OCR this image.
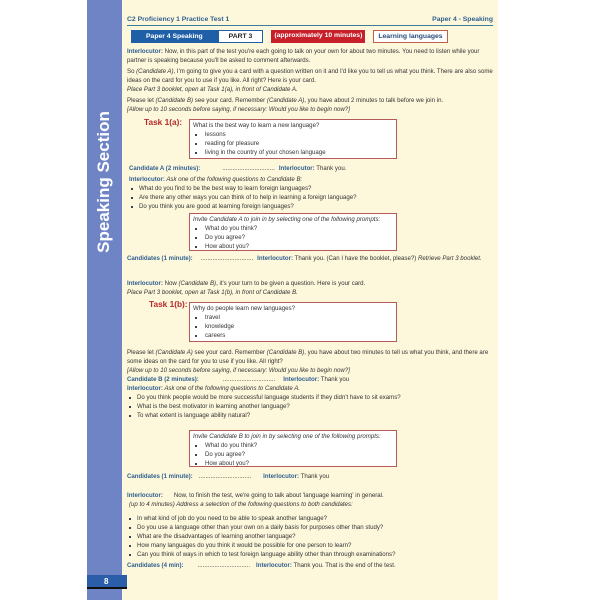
Speaking Section
C2 Proficiency 1 Practice Test 1	Paper 4 - Speaking
Paper 4 Speaking	PART 3	(approximately 10 minutes)	Learning languages

Interlocutor: Now, in this part of the test you're each going to talk on your own for about two minutes. You need to listen while your partner is speaking because you'll be asked to comment afterwards.

So (Candidate A), I'm going to give you a card with a question written on it and I'd like you to tell us what you think. There are also some ideas on the card for you to use if you like. All right? Here is your card.

Place Part 3 booklet, open at Task 1(a), in front of Candidate A.

Please let (Candidate B) see your card. Remember (Candidate A), you have about 2 minutes to talk before we join in.

[Allow up to 10 seconds before saying, if necessary: Would you like to begin now?]

Task 1(a): What is the best way to learn a new language?

lessons
reading for pleasure
living in the country of your chosen language
Candidate A (2 minutes):	............................... Interlocutor: Thank you.

Interlocutor: Ask one of the following questions to Candidate B:

What do you find to be the best way to learn foreign languages?
Are there any other ways you can think of to help in learning a foreign language?
Do you think you are good at learning foreign languages?

Invite Candidate A to join in by selecting one of the following prompts:

What do you think?
Do you agree?
How about you?
Candidates (1 minute): ............................... Interlocutor: Thank you. (Can I have the booklet, please?) Retrieve Part 3 booklet.

Interlocutor: Now (Candidate B), it's your turn to be given a question. Here is your card.

Place Part 3 booklet, open at Task 1(b), in front of Candidate B.

Task 1(b): Why do people learn new languages?

travel
knowledge
careers

Please let (Candidate A) see your card. Remember (Candidate B), you have about two minutes to tell us what you think, and there are some ideas on the card for you to use if you like. All right?

[Allow up to 10 seconds before saying, if necessary: Would you like to begin now?]

Candidate B (2 minutes):	............................... Interlocutor: Thank you

Interlocutor: Ask one of the following questions to Candidate A.

Do you think people would be more successful language students if they didn't have to sit exams?
What is the best motivator in learning another language?
To what extent is language ability natural?

Invite Candidate B to join in by selecting one of the following prompts:

What do you think?
Do you agree?
How about you?
Candidates (1 minute): ............................... Interlocutor: Thank you

Interlocutor: Now, to finish the test, we're going to talk about 'language learning' in general.

(up to 4 minutes) Address a selection of the following questions to both candidates:

In what kind of job do you need to be able to speak another language?
Do you use a language other than your own on a daily basis for purposes other than study?
What are the disadvantages of learning another language?
How many languages do you think it would be possible for one person to learn?
Can you think of ways in which to test foreign language ability other than through examinations?

Candidates (4 min): ............................... Interlocutor: Thank you. That is the end of the test.

8
